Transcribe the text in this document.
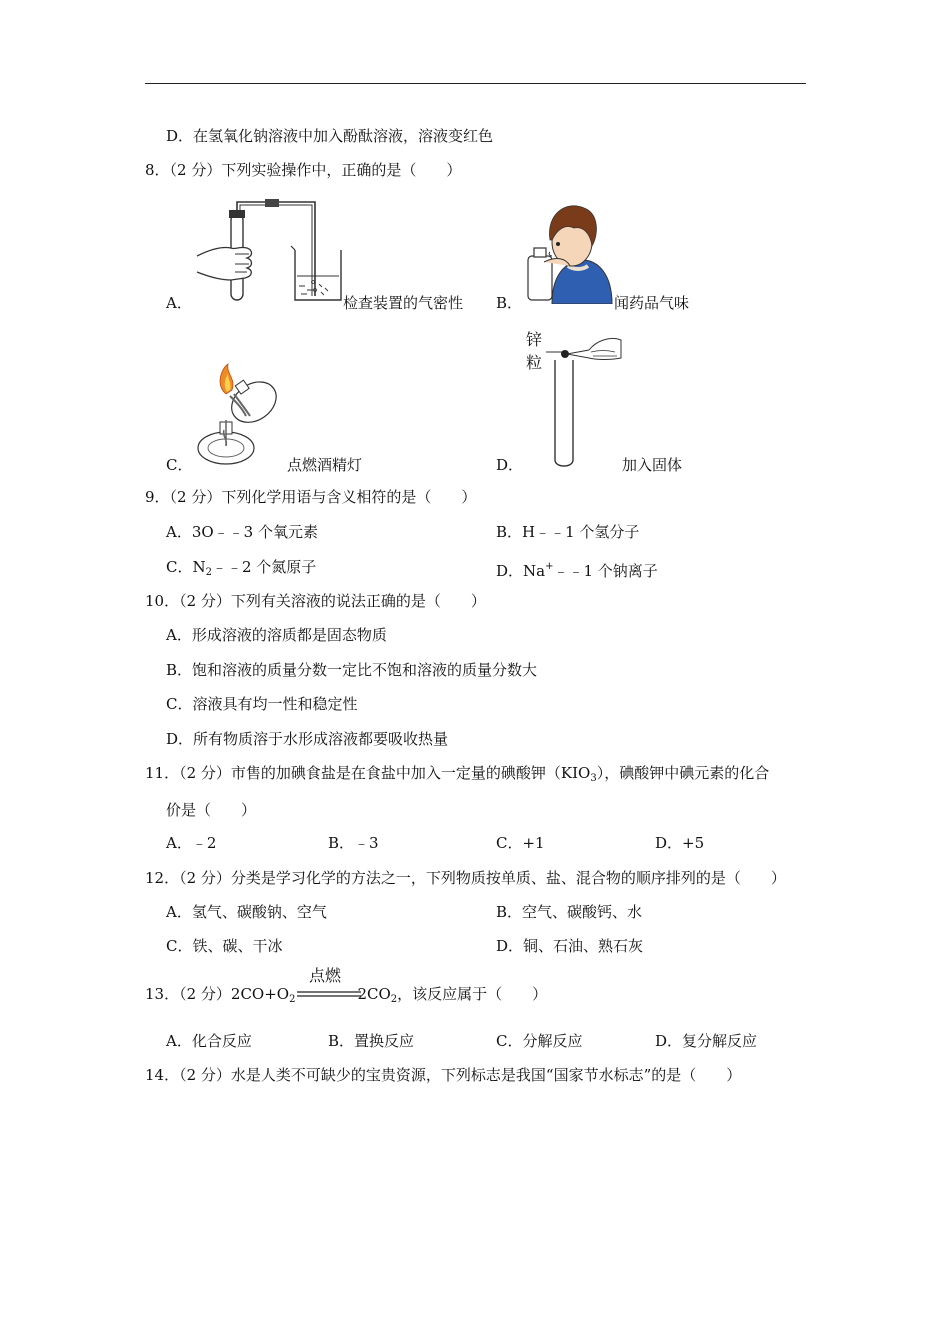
D．在氢氧化钠溶液中加入酚酞溶液，溶液变红色
8．（2 分）下列实验操作中，正确的是（　　）
A．	检查装置的气密性 B．	闻药品气味
C．	点燃酒精灯	D．
锌
粒
加入固体
9．（2 分）下列化学用语与含义相符的是（　　）
A．3O﹣﹣3 个氧元素	B．H﹣﹣1 个氢分子
C．$N_2﹣﹣2$ 个氮原子	D．Na+﹣﹣1 个钠离子
10．（2 分）下列有关溶液的说法正确的是（　　）
A．形成溶液的溶质都是固态物质
B．饱和溶液的质量分数一定比不饱和溶液的质量分数大
C．溶液具有均一性和稳定性
D．所有物质溶于水形成溶液都要吸收热量
11．（2 分）市售的加碘食盐是在食盐中加入一定量的碘酸钾$(KIO_3)$，碘酸钾中碘元素的化合
价是（　　）
A．﹣2	B．﹣3	C．+1	D．+5
12．（2 分）分类是学习化学的方法之一，下列物质按单质、盐、混合物的顺序排列的是（　　）
A．氢气、碳酸钠、空气	B．空气、碳酸钙、水
C．铁、碳、干冰	D．铜、石油、熟石灰
13．（2 分）$2CO+O_2$	$2CO_2$，该反应属于（　　）
点燃
A．化合反应	B．置换反应	C．分解反应	D．复分解反应
14．（2 分）水是人类不可缺少的宝贵资源，下列标志是我国“国家节水标志”的是（　　）
